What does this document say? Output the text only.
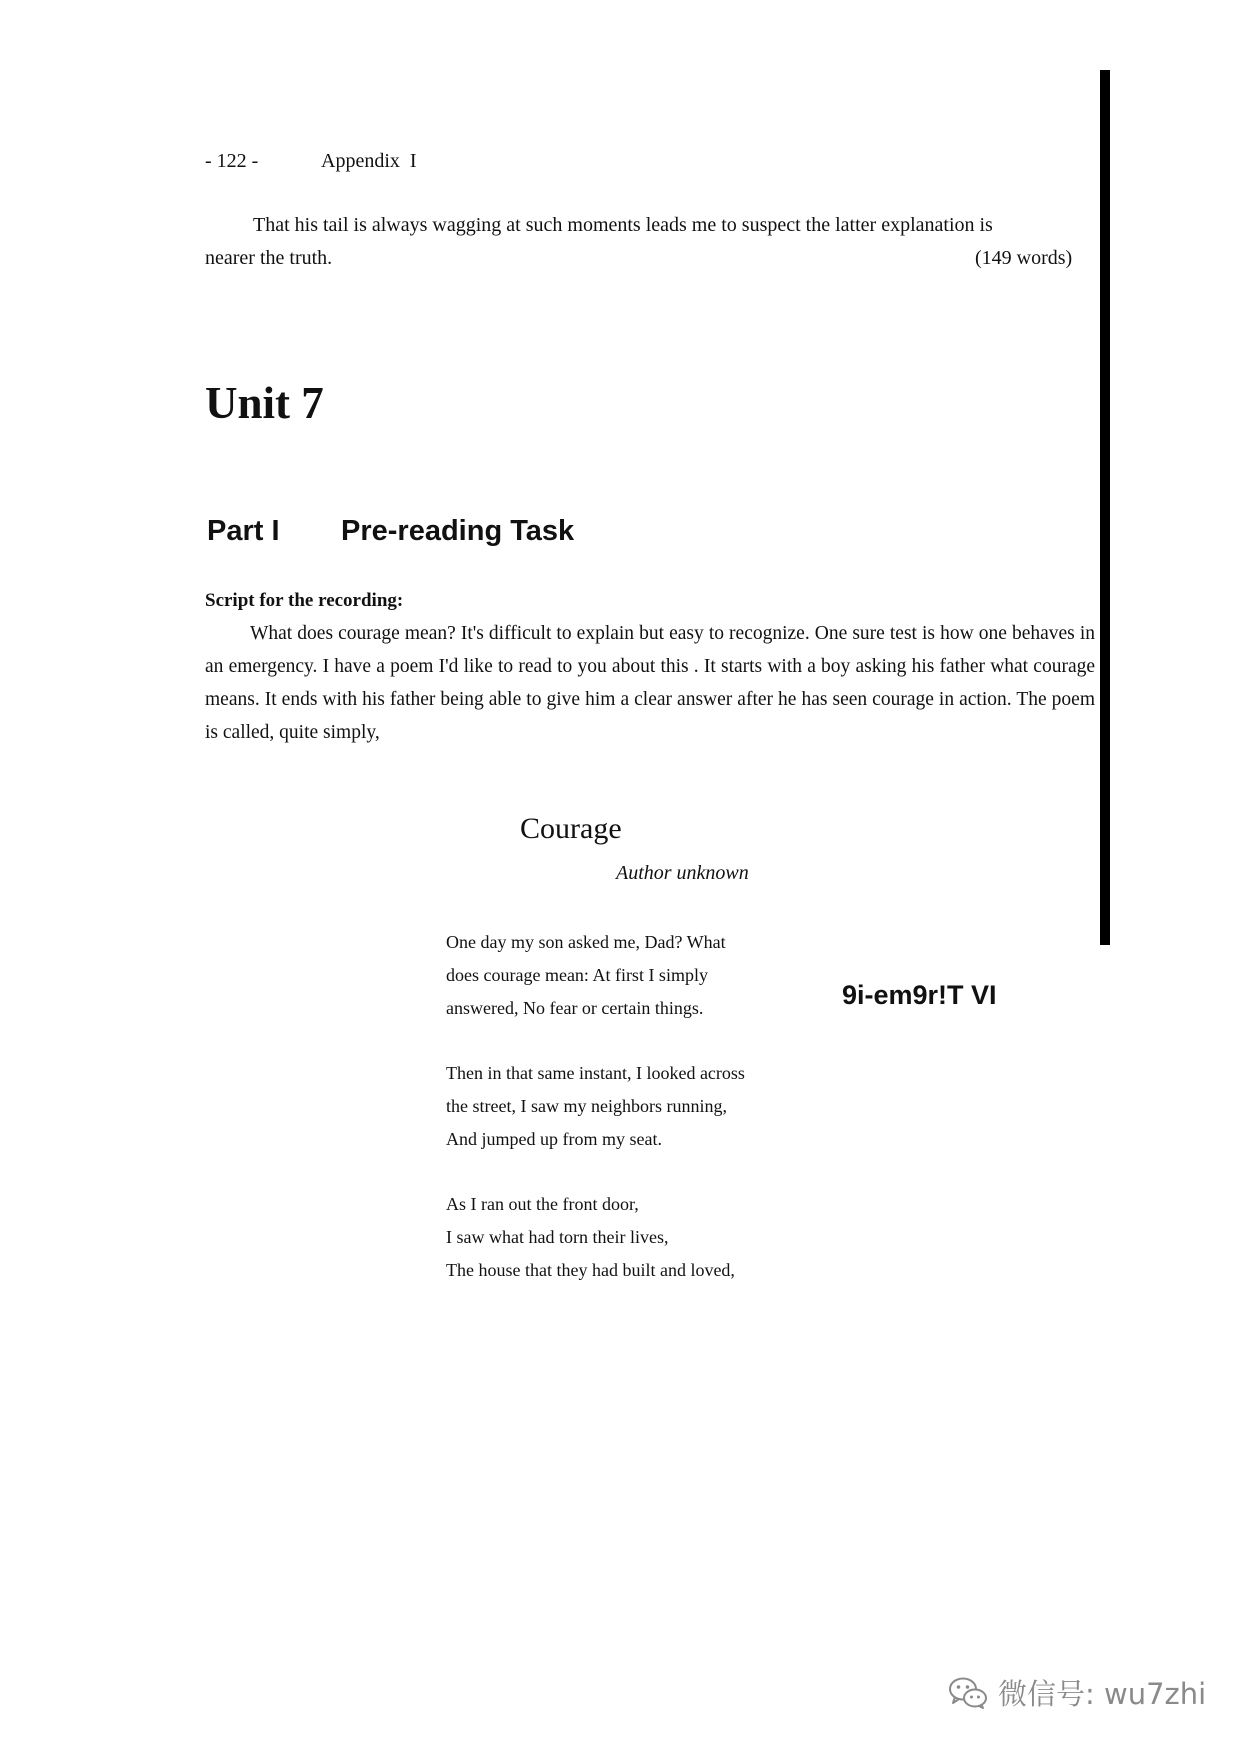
- 122 -	Appendix  I
That his tail is always wagging at such moments leads me to suspect the latter explanation is
nearer the truth.	(149 words)
Unit 7
Part I Pre-reading Task
Script for the recording:

What does courage mean? It's difficult to explain but easy to recognize. One sure test is how one behaves in an emergency. I have a poem I'd like to read to you about this . It starts with a boy asking his father what courage means. It ends with his father being able to give him a clear answer after he has seen courage in action. The poem is called, quite simply,

Courage
Author unknown
One day my son asked me, Dad? What
does courage mean: At first I simply
answered, No fear or certain things.
Then in that same instant, I looked across
the street, I saw my neighbors running,
And jumped up from my seat.
As I ran out the front door,
I saw what had torn their lives,
The house that they had built and loved,
9i-em9r!T VI
微信号: wu7zhi
